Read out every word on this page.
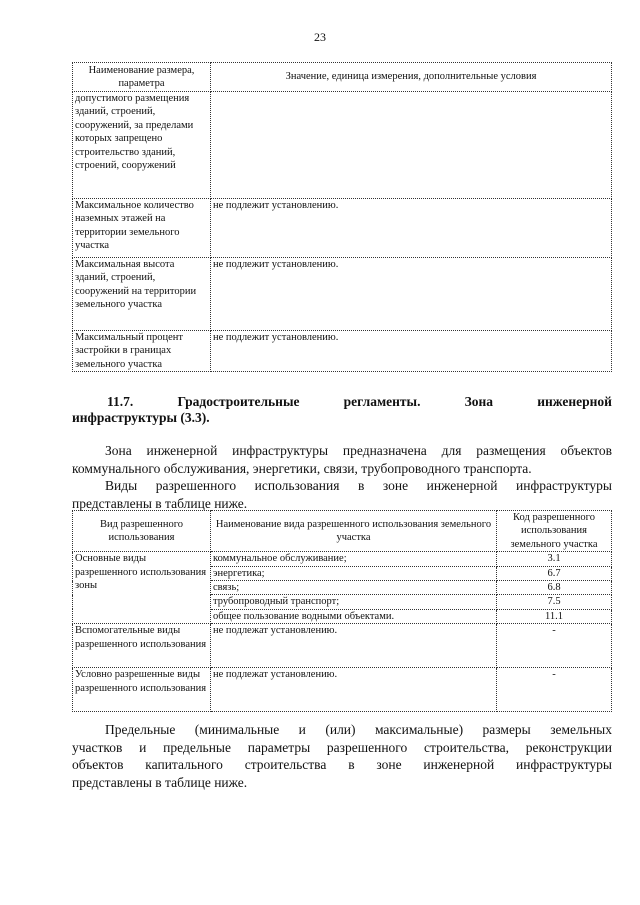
23
Наименование размера, параметра	Значение, единица измерения, дополнительные условия
допустимого размещения зданий, строений, сооружений, за пределами которых запрещено строительство зданий, строений, сооружений	
Максимальное количество наземных этажей на территории земельного участка	не подлежит установлению.
Максимальная высота зданий, строений, сооружений на территории земельного участка	не подлежит установлению.
Максимальный процент застройки в границах земельного участка	не подлежит установлению.
11.7.	Градостроительные	регламенты.	Зона	инженерной
инфраструктуры (3.3).

Зона инженерной инфраструктуры предназначена для размещения объектов

коммунального обслуживания, энергетики, связи, трубопроводного транспорта.

Виды разрешенного использования в зоне инженерной инфраструктуры

представлены в таблице ниже.

Вид разрешенного использования	Наименование вида разрешенного использования земельного участка	Код разрешенного использования земельного участка
Основные виды разрешенного использования зоны	коммунальное обслуживание;	3.1
	энергетика;	6.7
	связь;	6.8
	трубопроводный транспорт;	7.5
	общее пользование водными объектами.	11.1
Вспомогательные виды разрешенного использования	не подлежат установлению.	-
Условно разрешенные виды разрешенного использования	не подлежат установлению.	-

Предельные (минимальные и (или) максимальные) размеры земельных

участков и предельные параметры разрешенного строительства, реконструкции

объектов капитального строительства в зоне инженерной инфраструктуры

представлены в таблице ниже.
